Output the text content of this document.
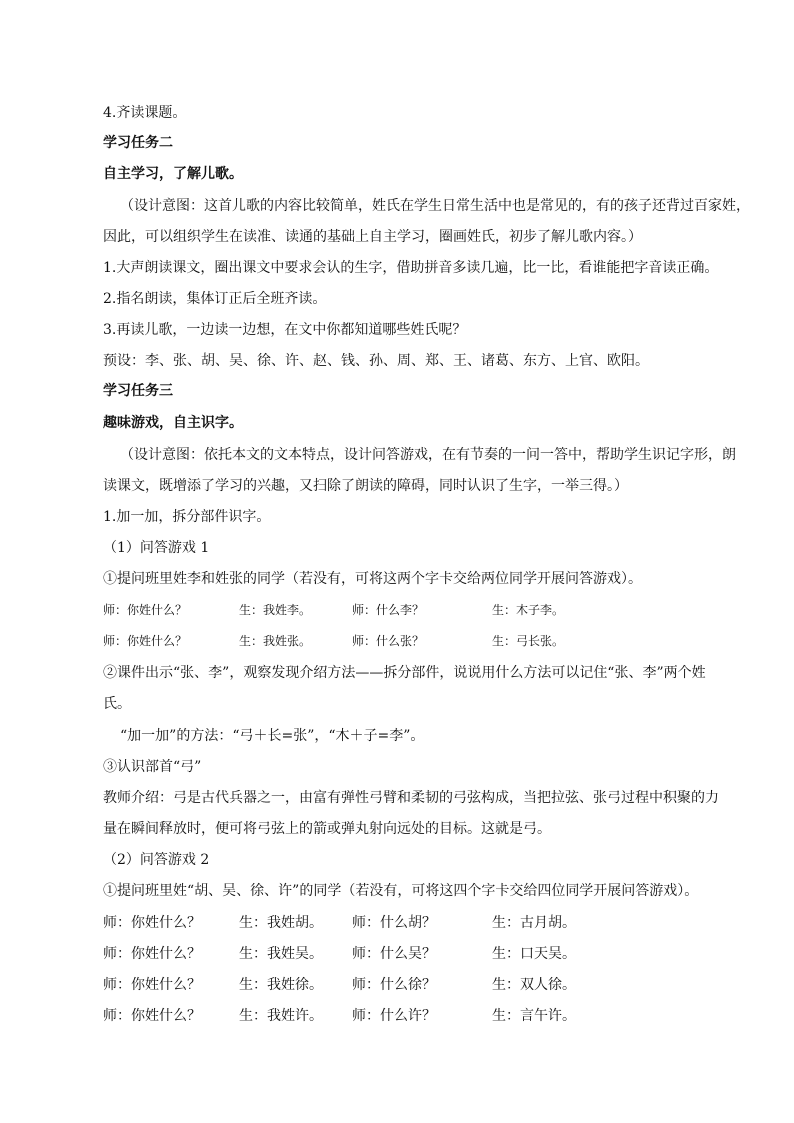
4.齐读课题。
学习任务二
自主学习，了解儿歌。
（设计意图：这首儿歌的内容比较简单，姓氏在学生日常生活中也是常见的，有的孩子还背过百家姓，
因此，可以组织学生在读准、读通的基础上自主学习，圈画姓氏，初步了解儿歌内容。）
1.大声朗读课文，圈出课文中要求会认的生字，借助拼音多读几遍，比一比，看谁能把字音读正确。
2.指名朗读，集体订正后全班齐读。
3.再读儿歌，一边读一边想，在文中你都知道哪些姓氏呢？
预设：李、张、胡、吴、徐、许、赵、钱、孙、周、郑、王、诸葛、东方、上官、欧阳。
学习任务三
趣味游戏，自主识字。
（设计意图：依托本文的文本特点，设计问答游戏，在有节奏的一问一答中，帮助学生识记字形，朗
读课文，既增添了学习的兴趣，又扫除了朗读的障碍，同时认识了生字，一举三得。）
1.加一加，拆分部件识字。
（1）问答游戏 1
①提问班里姓李和姓张的同学（若没有，可将这两个字卡交给两位同学开展问答游戏）。
师：你姓什么？	生：我姓李。	师：什么李？	生：木子李。
师：你姓什么？	生：我姓张。	师：什么张？	生：弓长张。
②课件出示“张、李”，观察发现介绍方法——拆分部件，说说用什么方法可以记住“张、李”两个姓
氏。
“加一加”的方法：“弓＋长=张”，“木＋子=李”。
③认识部首“弓”
教师介绍：弓是古代兵器之一，由富有弹性弓臂和柔韧的弓弦构成，当把拉弦、张弓过程中积聚的力
量在瞬间释放时，便可将弓弦上的箭或弹丸射向远处的目标。这就是弓。
（2）问答游戏 2
①提问班里姓“胡、吴、徐、许”的同学（若没有，可将这四个字卡交给四位同学开展问答游戏）。
师：你姓什么？	生：我姓胡。 师：什么胡？	生：古月胡。
师：你姓什么？	生：我姓吴。 师：什么吴？	生：口天吴。
师：你姓什么？	生：我姓徐。 师：什么徐？	生：双人徐。
师：你姓什么？	生：我姓许。 师：什么许？	生：言午许。
